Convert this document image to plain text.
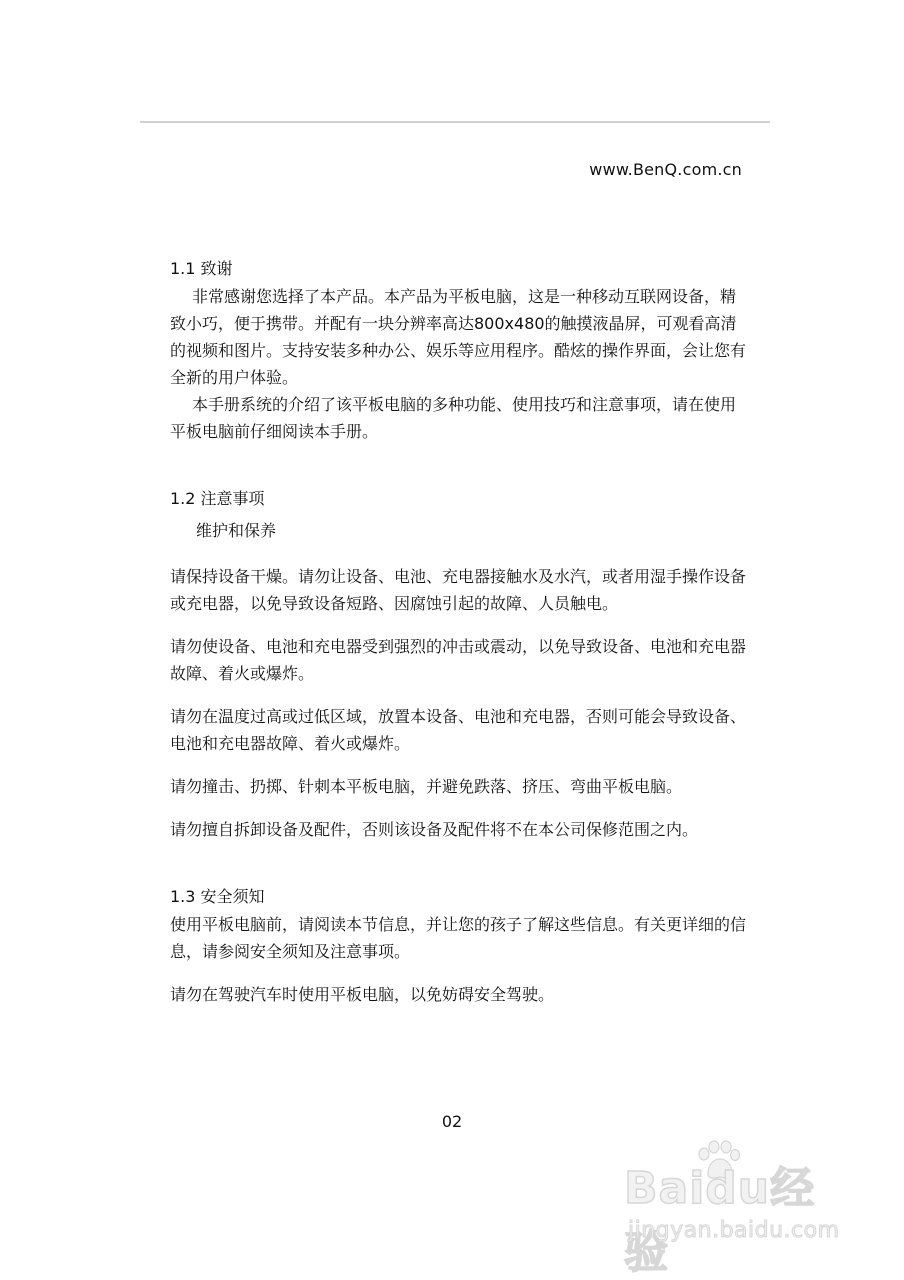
www.BenQ.com.cn

1.1 致谢

非常感谢您选择了本产品。本产品为平板电脑，这是一种移动互联网设备，精致小巧，便于携带。并配有一块分辨率高达800x480的触摸液晶屏，可观看高清的视频和图片。支持安装多种办公、娱乐等应用程序。酷炫的操作界面，会让您有全新的用户体验。

本手册系统的介绍了该平板电脑的多种功能、使用技巧和注意事项，请在使用平板电脑前仔细阅读本手册。

1.2 注意事项

维护和保养

请保持设备干燥。请勿让设备、电池、充电器接触水及水汽，或者用湿手操作设备或充电器，以免导致设备短路、因腐蚀引起的故障、人员触电。

请勿使设备、电池和充电器受到强烈的冲击或震动，以免导致设备、电池和充电器故障、着火或爆炸。

请勿在温度过高或过低区域，放置本设备、电池和充电器，否则可能会导致设备、电池和充电器故障、着火或爆炸。

请勿撞击、扔掷、针刺本平板电脑，并避免跌落、挤压、弯曲平板电脑。

请勿擅自拆卸设备及配件，否则该设备及配件将不在本公司保修范围之内。

1.3 安全须知

使用平板电脑前，请阅读本节信息，并让您的孩子了解这些信息。有关更详细的信息，请参阅安全须知及注意事项。

请勿在驾驶汽车时使用平板电脑，以免妨碍安全驾驶。

02
Baidu经验
jingyan.baidu.com
